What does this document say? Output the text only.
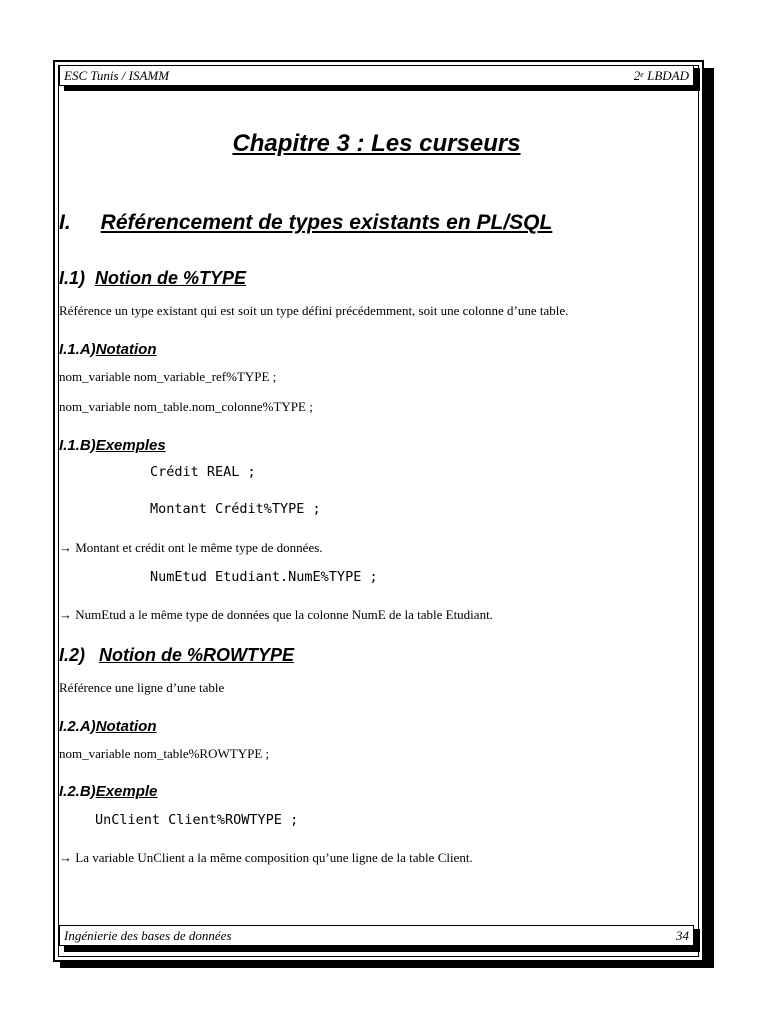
ESC Tunis / ISAMM	2e LBDAD
Ingénierie des bases de données	34
Chapitre 3 : Les curseurs
I. Référencement de types existants en PL/SQL
I.1) Notion de %TYPE
Référence un type existant qui est soit un type défini précédemment, soit une colonne d’une table.
I.1.A)Notation
nom_variable nom_variable_ref%TYPE ;
nom_variable nom_table.nom_colonne%TYPE ;
I.1.B)Exemples
Crédit REAL ;
Montant Crédit%TYPE ;
→ Montant et crédit ont le même type de données.
NumEtud Etudiant.NumE%TYPE ;
→ NumEtud a le même type de données que la colonne NumE de la table Etudiant.
I.2) Notion de %ROWTYPE
Référence une ligne d’une table
I.2.A)Notation
nom_variable nom_table%ROWTYPE ;
I.2.B)Exemple
UnClient Client%ROWTYPE ;
→ La variable UnClient a la même composition qu’une ligne de la table Client.
